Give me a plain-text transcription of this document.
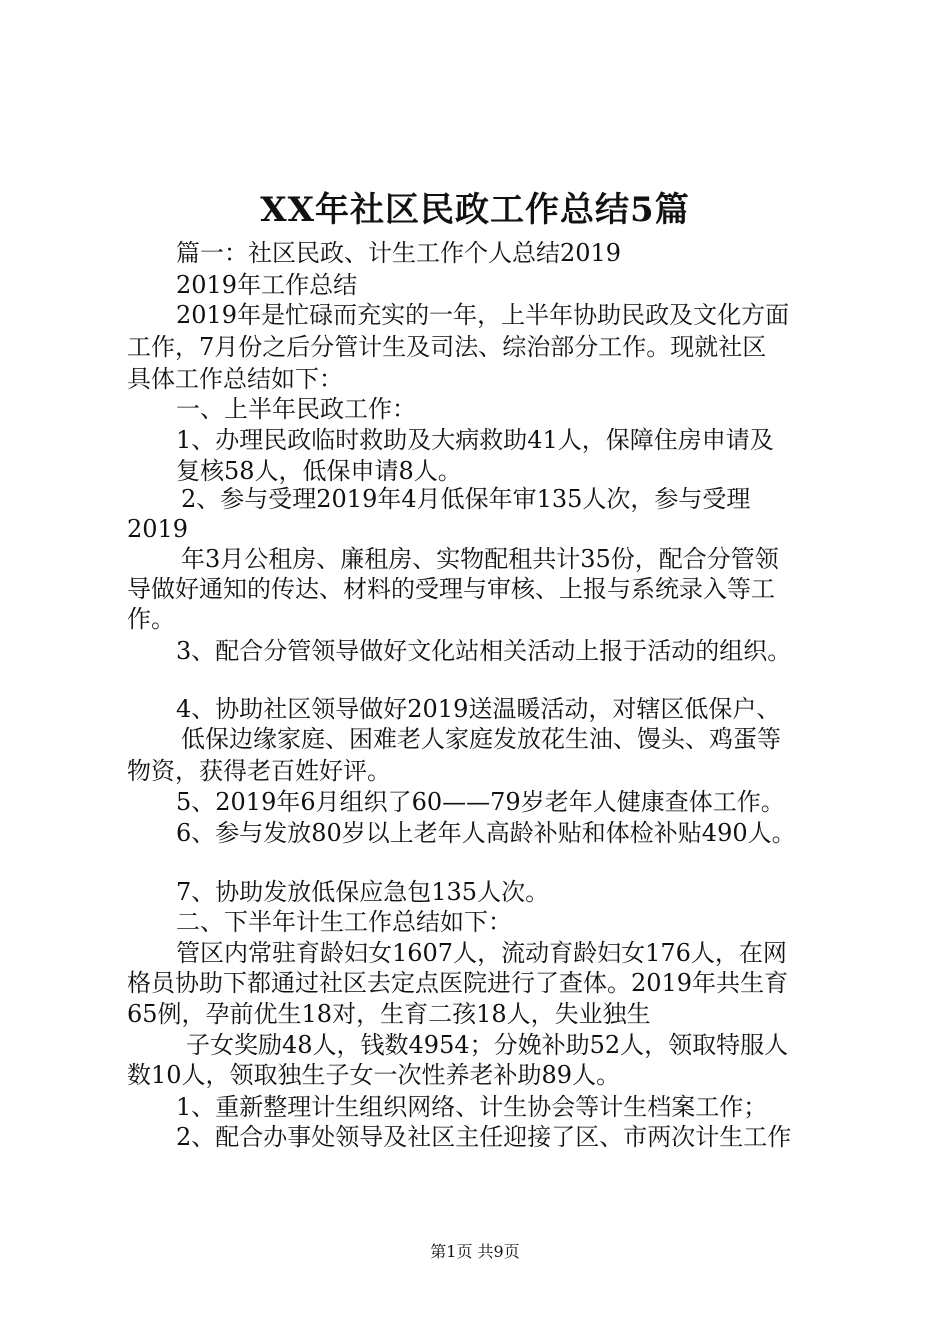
XX年社区民政工作总结5篇
篇一：社区民政、计生工作个人总结2019
2019年工作总结
2019年是忙碌而充实的一年，上半年协助民政及文化方面
工作，7月份之后分管计生及司法、综治部分工作。现就社区
具体工作总结如下：
一、上半年民政工作：
1、办理民政临时救助及大病救助41人，保障住房申请及
复核58人，低保申请8人。
2、参与受理2019年4月低保年审135人次，参与受理
2019
年3月公租房、廉租房、实物配租共计35份，配合分管领
导做好通知的传达、材料的受理与审核、上报与系统录入等工
作。
3、配合分管领导做好文化站相关活动上报于活动的组织。
4、协助社区领导做好2019送温暖活动，对辖区低保户、
低保边缘家庭、困难老人家庭发放花生油、馒头、鸡蛋等
物资，获得老百姓好评。
5、2019年6月组织了60——79岁老年人健康查体工作。
6、参与发放80岁以上老年人高龄补贴和体检补贴490人。
7、协助发放低保应急包135人次。
二、下半年计生工作总结如下：
管区内常驻育龄妇女1607人，流动育龄妇女176人，在网
格员协助下都通过社区去定点医院进行了查体。2019年共生育
65例，孕前优生18对，生育二孩18人，失业独生
子女奖励48人，钱数4954；分娩补助52人，领取特服人
数10人，领取独生子女一次性养老补助89人。
1、重新整理计生组织网络、计生协会等计生档案工作；
2、配合办事处领导及社区主任迎接了区、市两次计生工作
第1页 共9页
